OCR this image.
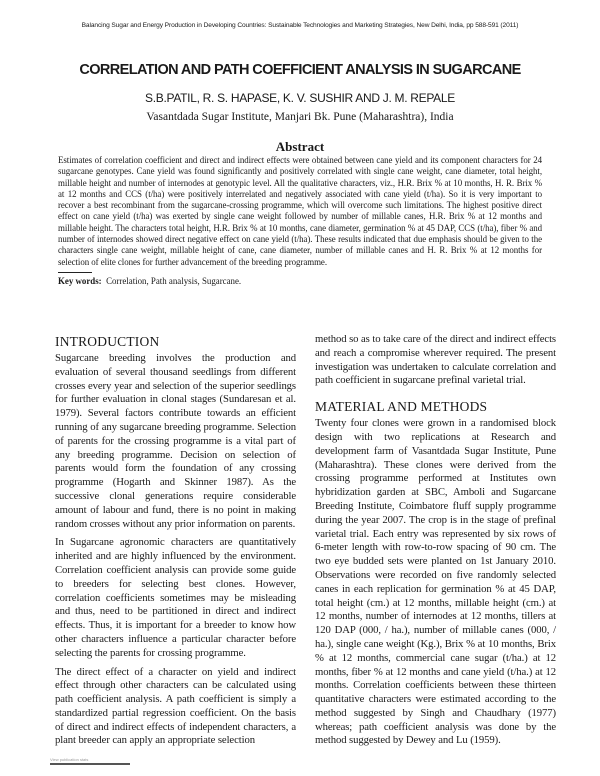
Balancing Sugar and Energy Production in Developing Countries: Sustainable Technologies and Marketing Strategies, New Delhi, India, pp 588-591 (2011)
CORRELATION AND PATH COEFFICIENT ANALYSIS IN SUGARCANE
S.B.PATIL, R. S. HAPASE, K. V. SUSHIR AND J. M. REPALE
Vasantdada Sugar Institute, Manjari Bk. Pune (Maharashtra), India
Abstract

Estimates of correlation coefficient and direct and indirect effects were obtained between cane yield and its component characters for 24 sugarcane genotypes. Cane yield was found significantly and positively correlated with single cane weight, cane diameter, total height, millable height and number of internodes at genotypic level. All the qualitative characters, viz., H.R. Brix % at 10 months, H. R. Brix % at 12 months and CCS (t/ha) were positively interrelated and negatively associated with cane yield (t/ha). So it is very important to recover a best recombinant from the sugarcane-crossing programme, which will overcome such limitations. The highest positive direct effect on cane yield (t/ha) was exerted by single cane weight followed by number of millable canes, H.R. Brix % at 12 months and millable height. The characters total height, H.R. Brix % at 10 months, cane diameter, germination % at 45 DAP, CCS (t/ha), fiber % and number of internodes showed direct negative effect on cane yield (t/ha). These results indicated that due emphasis should be given to the characters single cane weight, millable height of cane, cane diameter, number of millable canes and H. R. Brix % at 12 months for selection of elite clones for further advancement of the breeding programme.

Key words: Correlation, Path analysis, Sugarcane.
INTRODUCTION

Sugarcane breeding involves the production and evaluation of several thousand seedlings from different crosses every year and selection of the superior seedlings for further evaluation in clonal stages (Sundaresan et al. 1979). Several factors contribute towards an efficient running of any sugarcane breeding programme. Selection of parents for the crossing programme is a vital part of any breeding programme. Decision on selection of parents would form the foundation of any crossing programme (Hogarth and Skinner 1987). As the successive clonal generations require considerable amount of labour and fund, there is no point in making random crosses without any prior information on parents.

In Sugarcane agronomic characters are quantitatively inherited and are highly influenced by the environment. Correlation coefficient analysis can provide some guide to breeders for selecting best clones. However, correlation coefficients sometimes may be misleading and thus, need to be partitioned in direct and indirect effects. Thus, it is important for a breeder to know how other characters influence a particular character before selecting the parents for crossing programme.

The direct effect of a character on yield and indirect effect through other characters can be calculated using path coefficient analysis. A path coefficient is simply a standardized partial regression coefficient. On the basis of direct and indirect effects of independent characters, a plant breeder can apply an appropriate selection

method so as to take care of the direct and indirect effects and reach a compromise wherever required. The present investigation was undertaken to calculate correlation and path coefficient in sugarcane prefinal varietal trial.

MATERIAL AND METHODS

Twenty four clones were grown in a randomised block design with two replications at Research and development farm of Vasantdada Sugar Institute, Pune (Maharashtra). These clones were derived from the crossing programme performed at Institutes own hybridization garden at SBC, Amboli and Sugarcane Breeding Institute, Coimbatore fluff supply programme during the year 2007. The crop is in the stage of prefinal varietal trial. Each entry was represented by six rows of 6-meter length with row-to-row spacing of 90 cm. The two eye budded sets were planted on 1st January 2010. Observations were recorded on five randomly selected canes in each replication for germination % at 45 DAP, total height (cm.) at 12 months, millable height (cm.) at 12 months, number of internodes at 12 months, tillers at 120 DAP (000, / ha.), number of millable canes (000, / ha.), single cane weight (Kg.), Brix % at 10 months, Brix % at 12 months, commercial cane sugar (t/ha.) at 12 months, fiber % at 12 months and cane yield (t/ha.) at 12 months. Correlation coefficients between these thirteen quantitative characters were estimated according to the method suggested by Singh and Chaudhary (1977) whereas; path coefficient analysis was done by the method suggested by Dewey and Lu (1959).

View publication stats
